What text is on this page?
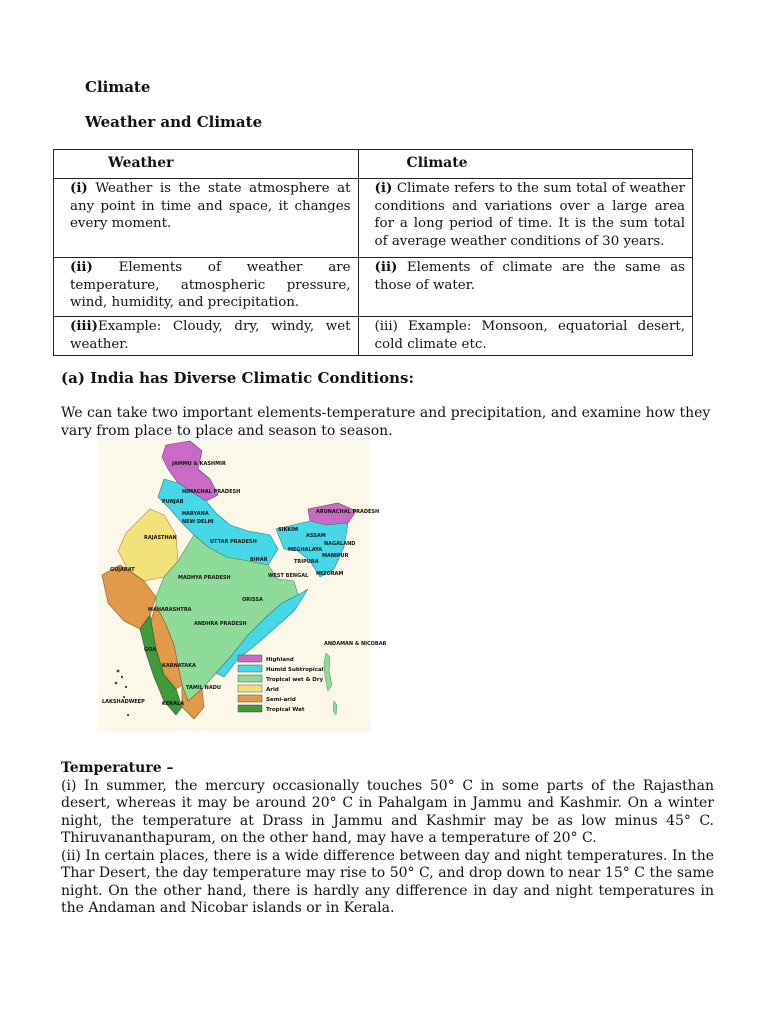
Climate
Weather and Climate
Weather	Climate
(i) Weather is the state atmosphere at any point in time and space, it changes every moment.	(i) Climate refers to the sum total of weather conditions and variations over a large area for a long period of time. It is the sum total of average weather conditions of 30 years.
(ii) Elements of weather are temperature, atmospheric pressure, wind, humidity, and precipitation.	(ii) Elements of climate are the same as those of water.
(iii)Example: Cloudy, dry, windy, wet weather.	(iii) Example: Monsoon, equatorial desert, cold climate etc.
(a) India has Diverse Climatic Conditions:
We can take two important elements-temperature and precipitation, and examine how they vary from place to place and season to season.
JAMMU & KASHMIR
HIMACHAL PRADESH
PUNJAB
HARYANA
NEW DELHI
UTTAR PRADESH
RAJASTHAN
GUJARAT
MADHYA PRADESH
BIHAR
WEST BENGAL
ORISSA
MAHARASHTRA
ANDHRA PRADESH
GOA
KARNATAKA
TAMIL NADU
KERALA
SIKKIM
ASSAM
ARUNACHAL PRADESH
MEGHALAYA
NAGALAND
MANIPUR
TRIPURA
MIZORAM
LAKSHADWEEP
ANDAMAN & NICOBAR
Highland
Humid Subtropical
Tropical wet & Dry
Arid
Semi-arid
Tropical Wet
Temperature –
(i) In summer, the mercury occasionally touches 50° C in some parts of the Rajasthan desert, whereas it may be around 20° C in Pahalgam in Jammu and Kashmir. On a winter night, the temperature at Drass in Jammu and Kashmir may be as low minus 45° C. Thiruvananthapuram, on the other hand, may have a temperature of 20° C.
(ii) In certain places, there is a wide difference between day and night temperatures. In the Thar Desert, the day temperature may rise to 50° C, and drop down to near 15° C the same night. On the other hand, there is hardly any difference in day and night temperatures in the Andaman and Nicobar islands or in Kerala.
